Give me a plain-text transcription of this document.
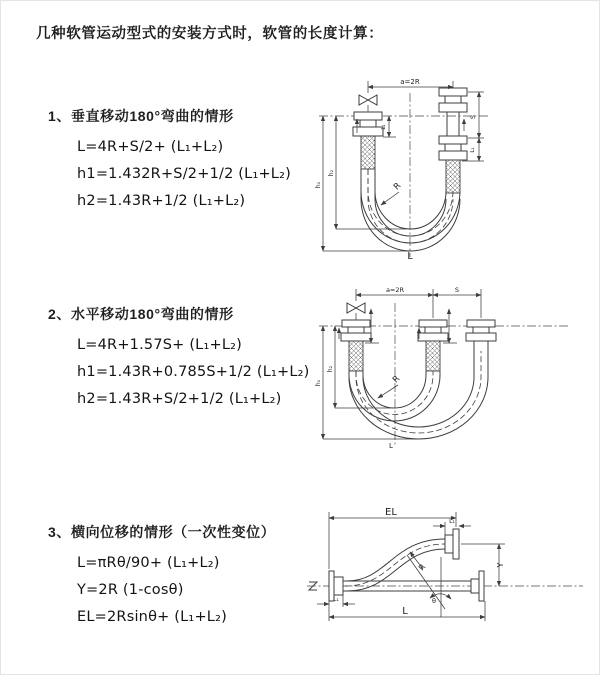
几种软管运动型式的安装方式时，软管的长度计算：
1、垂直移动180°弯曲的情形
L=4R+S/2+ (L₁+L₂)
h1=1.432R+S/2+1/2 (L₁+L₂)
h2=1.43R+1/2 (L₁+L₂)
2、水平移动180°弯曲的情形
L=4R+1.57S+ (L₁+L₂)
h1=1.43R+0.785S+1/2 (L₁+L₂)
h2=1.43R+S/2+1/2 (L₁+L₂)
3、横向位移的情形（一次性变位）
L=πRθ/90+ (L₁+L₂)
Y=2R (1-cosθ)
EL=2Rsinθ+ (L₁+L₂)
a=2R
S
L₁
L₁
h₂
h₁	R
L
a=2R	S
h₂
h₁	R
L
EL
L₁
Y
θ
R
L₁
L
